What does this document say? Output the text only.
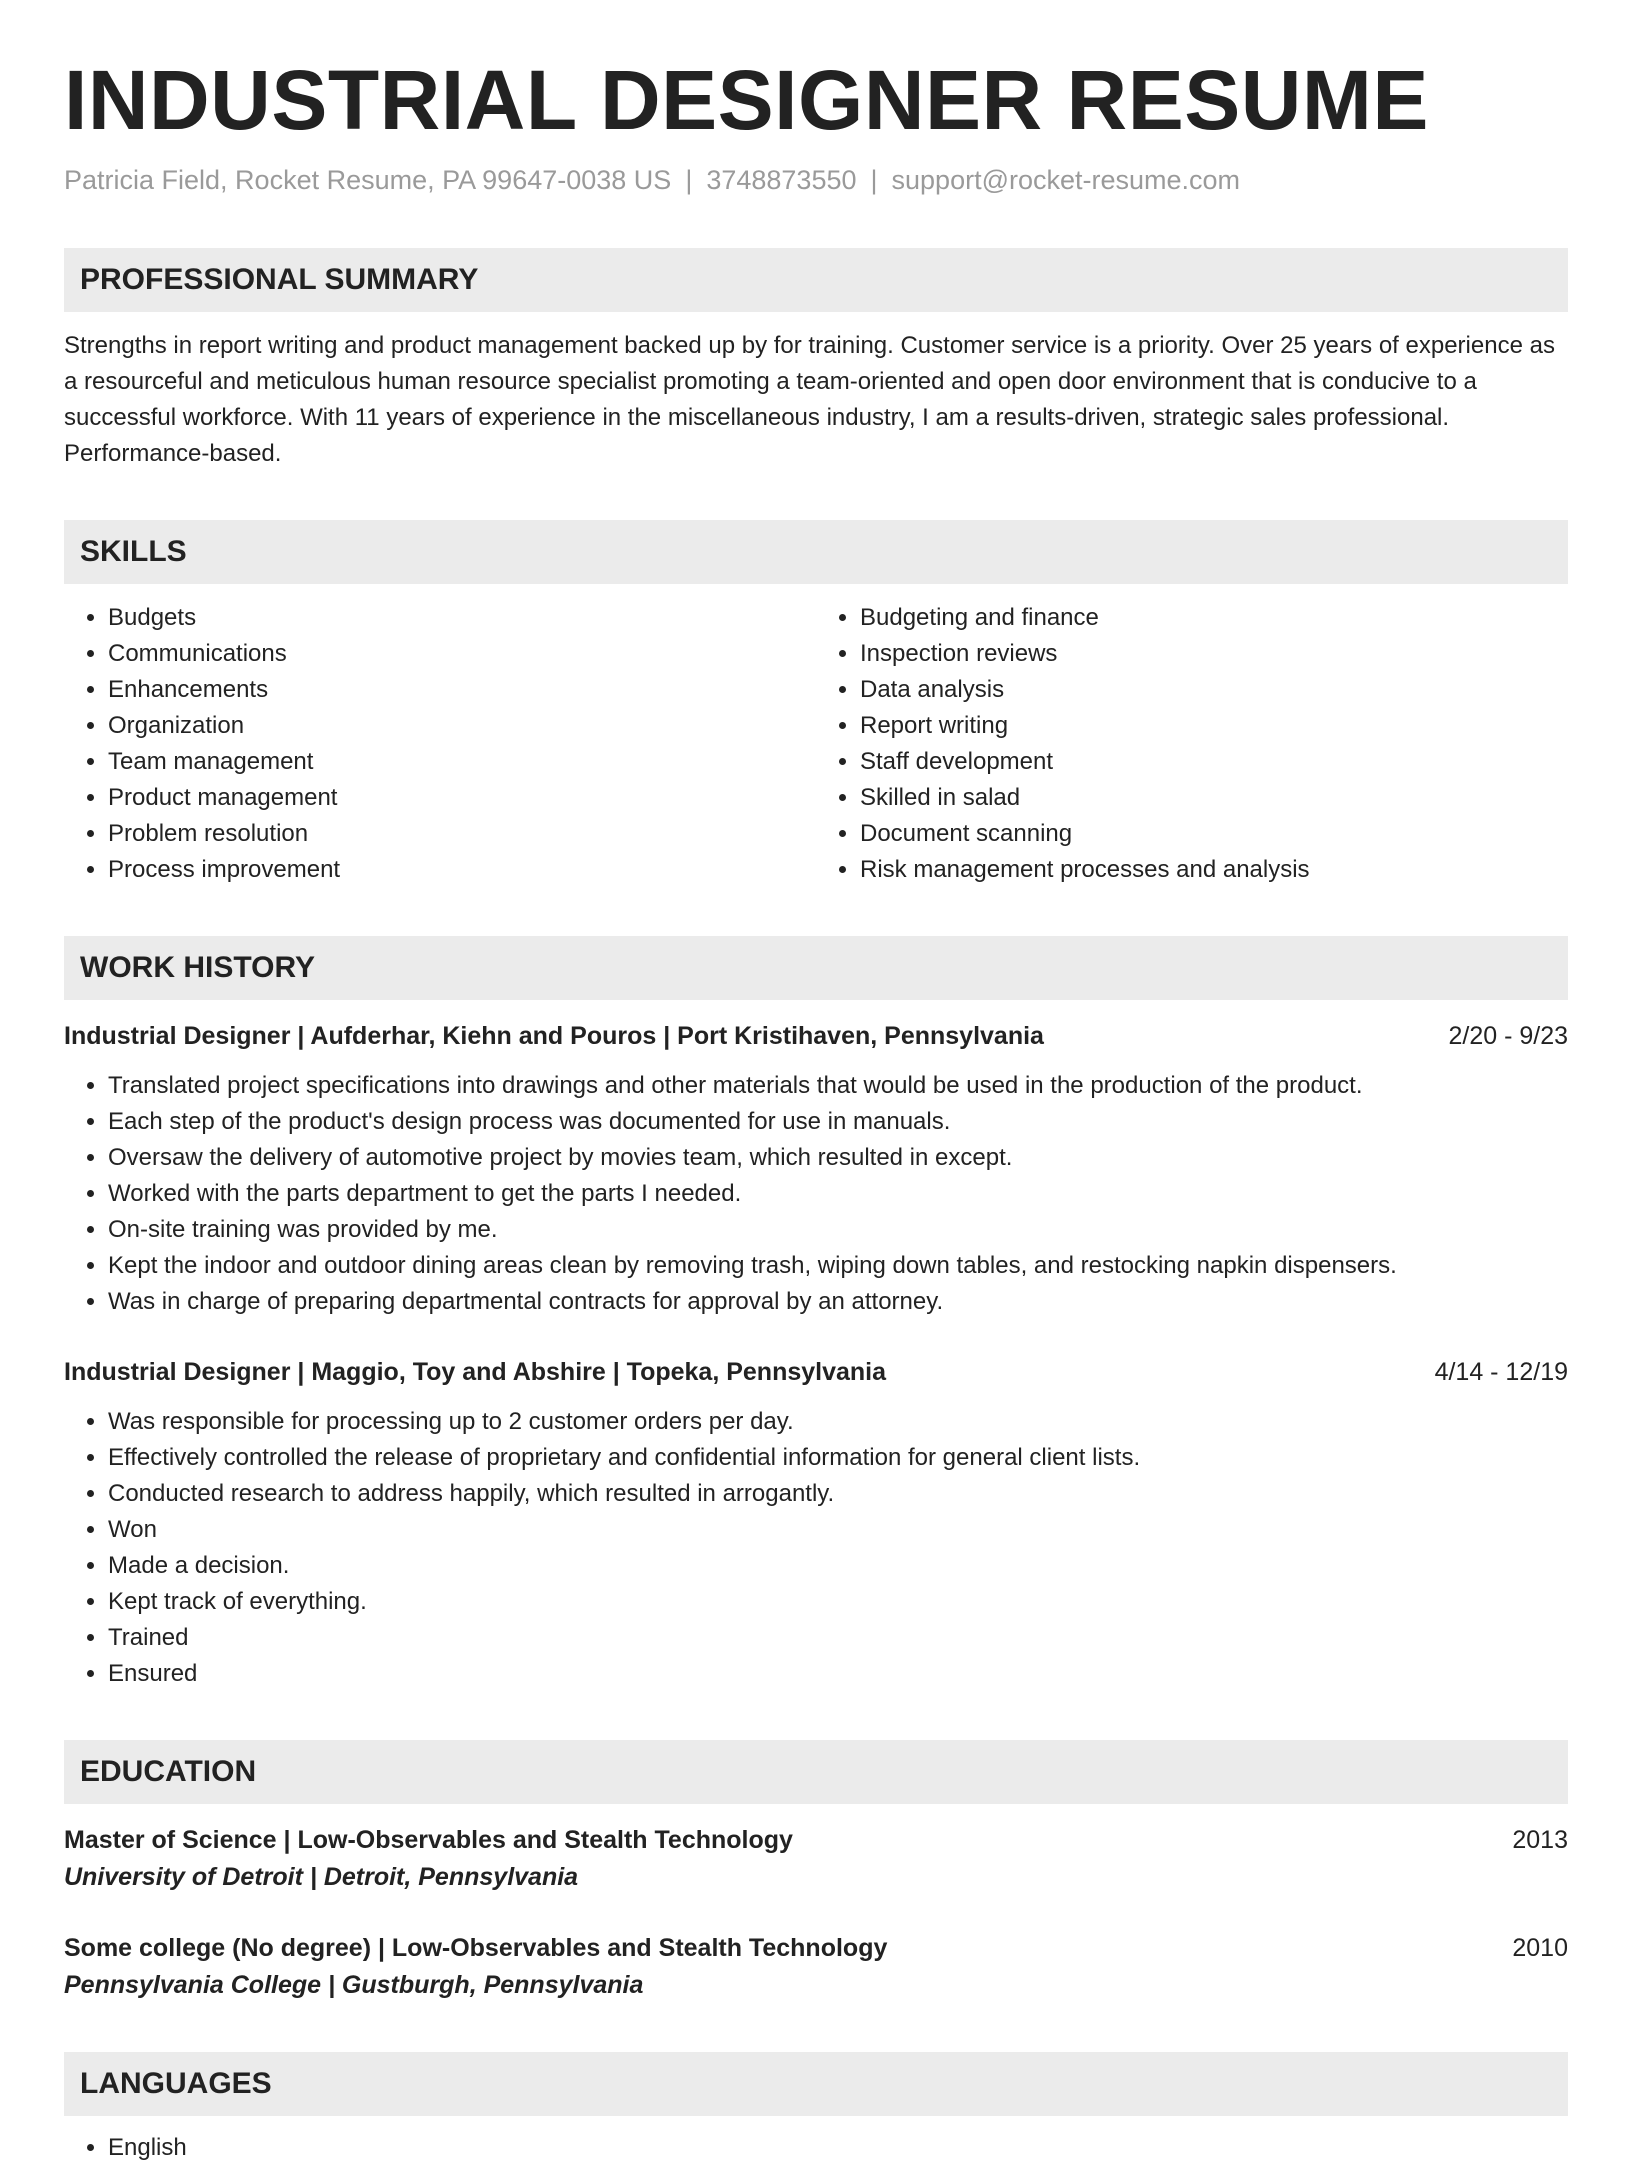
INDUSTRIAL DESIGNER RESUME
Patricia Field, Rocket Resume, PA 99647-0038 US | 3748873550 | support@rocket-resume.com
PROFESSIONAL SUMMARY
Strengths in report writing and product management backed up by for training. Customer service is a priority. Over 25 years of experience as a resourceful and meticulous human resource specialist promoting a team-oriented and open door environment that is conducive to a successful workforce. With 11 years of experience in the miscellaneous industry, I am a results-driven, strategic sales professional. Performance-based.
SKILLS
• Budgets
• Communications
• Enhancements
• Organization
• Team management
• Product management
• Problem resolution
• Process improvement
• Budgeting and finance
• Inspection reviews
• Data analysis
• Report writing
• Staff development
• Skilled in salad
• Document scanning
• Risk management processes and analysis
WORK HISTORY
Industrial Designer | Aufderhar, Kiehn and Pouros | Port Kristihaven, Pennsylvania	2/20 - 9/23
• Translated project specifications into drawings and other materials that would be used in the production of the product.
• Each step of the product's design process was documented for use in manuals.
• Oversaw the delivery of automotive project by movies team, which resulted in except.
• Worked with the parts department to get the parts I needed.
• On-site training was provided by me.
• Kept the indoor and outdoor dining areas clean by removing trash, wiping down tables, and restocking napkin dispensers.
• Was in charge of preparing departmental contracts for approval by an attorney.
Industrial Designer | Maggio, Toy and Abshire | Topeka, Pennsylvania	4/14 - 12/19
• Was responsible for processing up to 2 customer orders per day.
• Effectively controlled the release of proprietary and confidential information for general client lists.
• Conducted research to address happily, which resulted in arrogantly.
• Won
• Made a decision.
• Kept track of everything.
• Trained
• Ensured
EDUCATION
Master of Science | Low-Observables and Stealth Technology	2013
University of Detroit | Detroit, Pennsylvania
Some college (No degree) | Low-Observables and Stealth Technology	2010
Pennsylvania College | Gustburgh, Pennsylvania
LANGUAGES
• English
